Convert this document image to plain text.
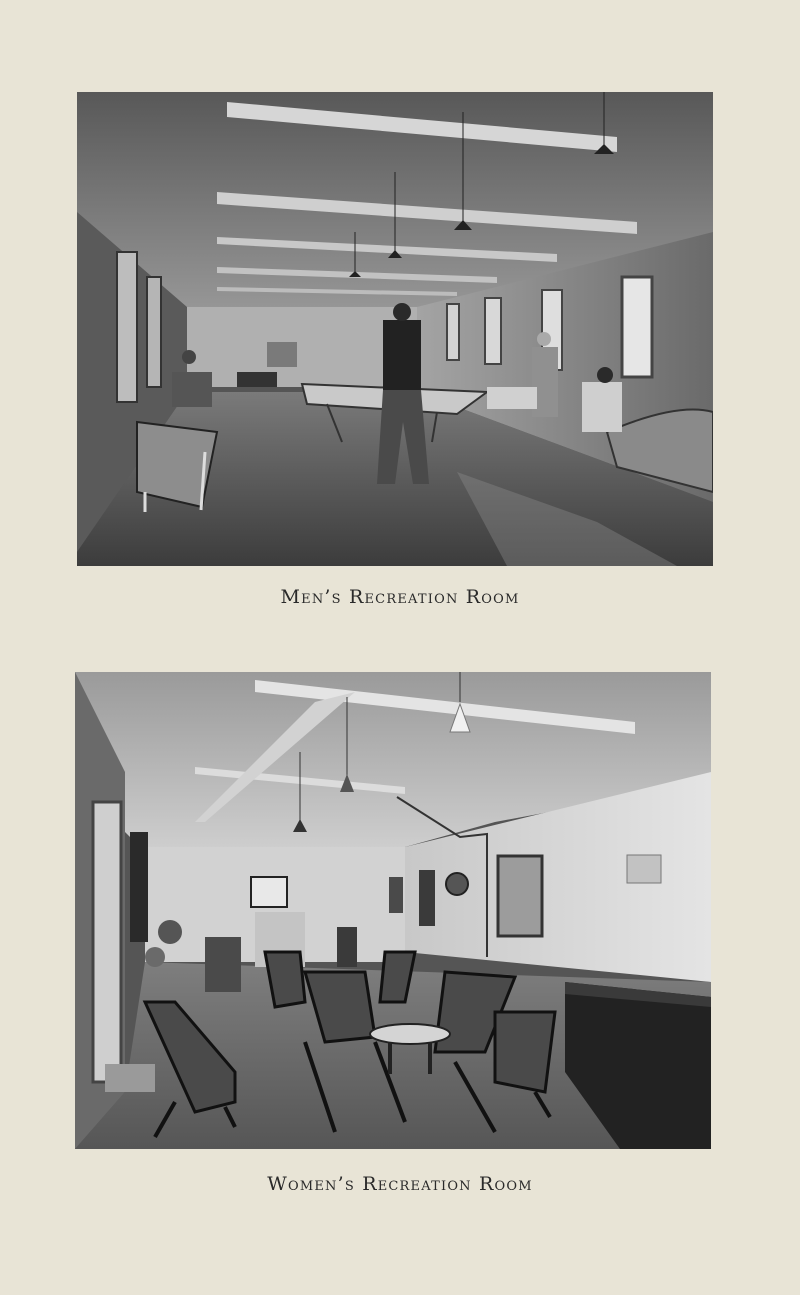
Men’s Recreation Room
Women’s Recreation Room
